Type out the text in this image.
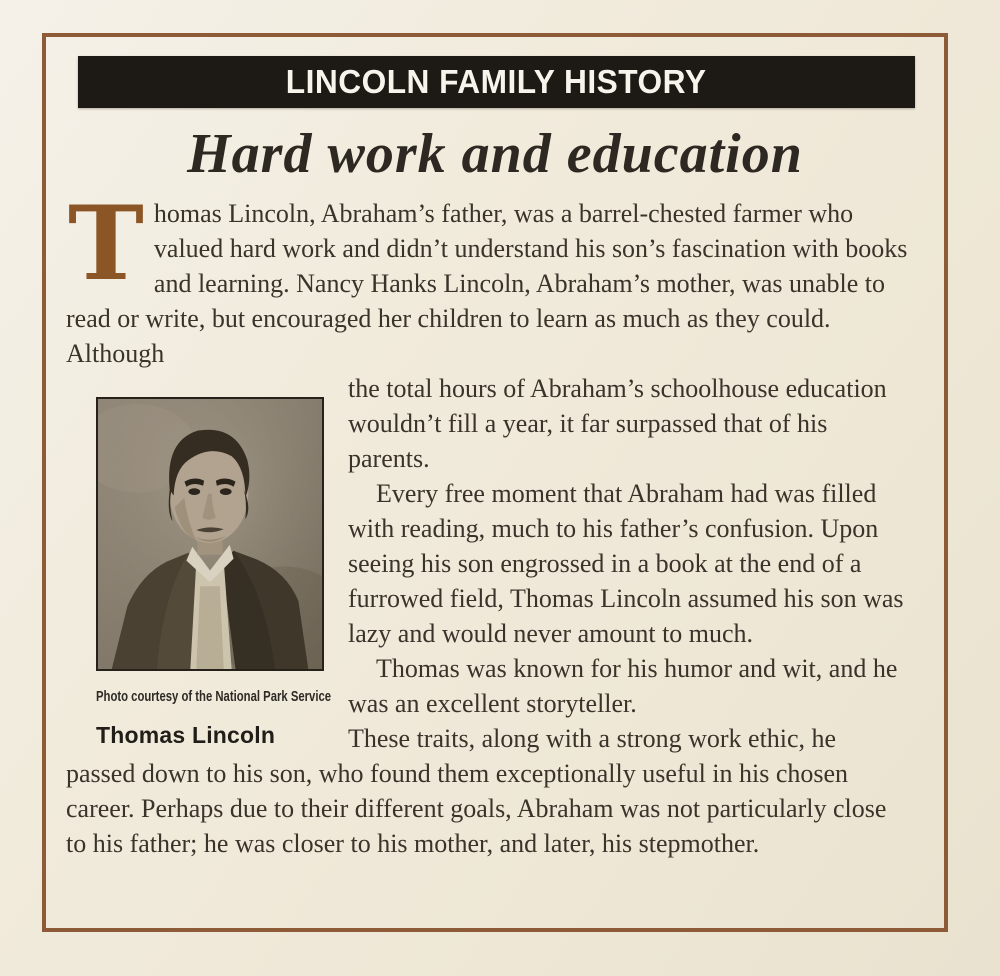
LINCOLN FAMILY HISTORY
Hard work and education

Thomas Lincoln, Abraham’s father, was a barrel-chested farmer who valued hard work and didn’t understand his son’s fascination with books and learning. Nancy Hanks Lincoln, Abraham’s mother, was unable to read or write, but encouraged her children to learn as much as they could. Although

Photo courtesy of the National Park Service
Thomas Lincoln

the total hours of Abraham’s schoolhouse education wouldn’t fill a year, it far surpassed that of his parents.

Every free moment that Abraham had was filled with reading, much to his father’s confusion. Upon seeing his son engrossed in a book at the end of a furrowed field, Thomas Lincoln assumed his son was lazy and would never amount to much.

Thomas was known for his humor and wit, and he was an excellent storyteller.

These traits, along with a strong work ethic, he passed down to his son, who found them exceptionally useful in his chosen career. Perhaps due to their different goals, Abraham was not particularly close to his father; he was closer to his mother, and later, his stepmother.
